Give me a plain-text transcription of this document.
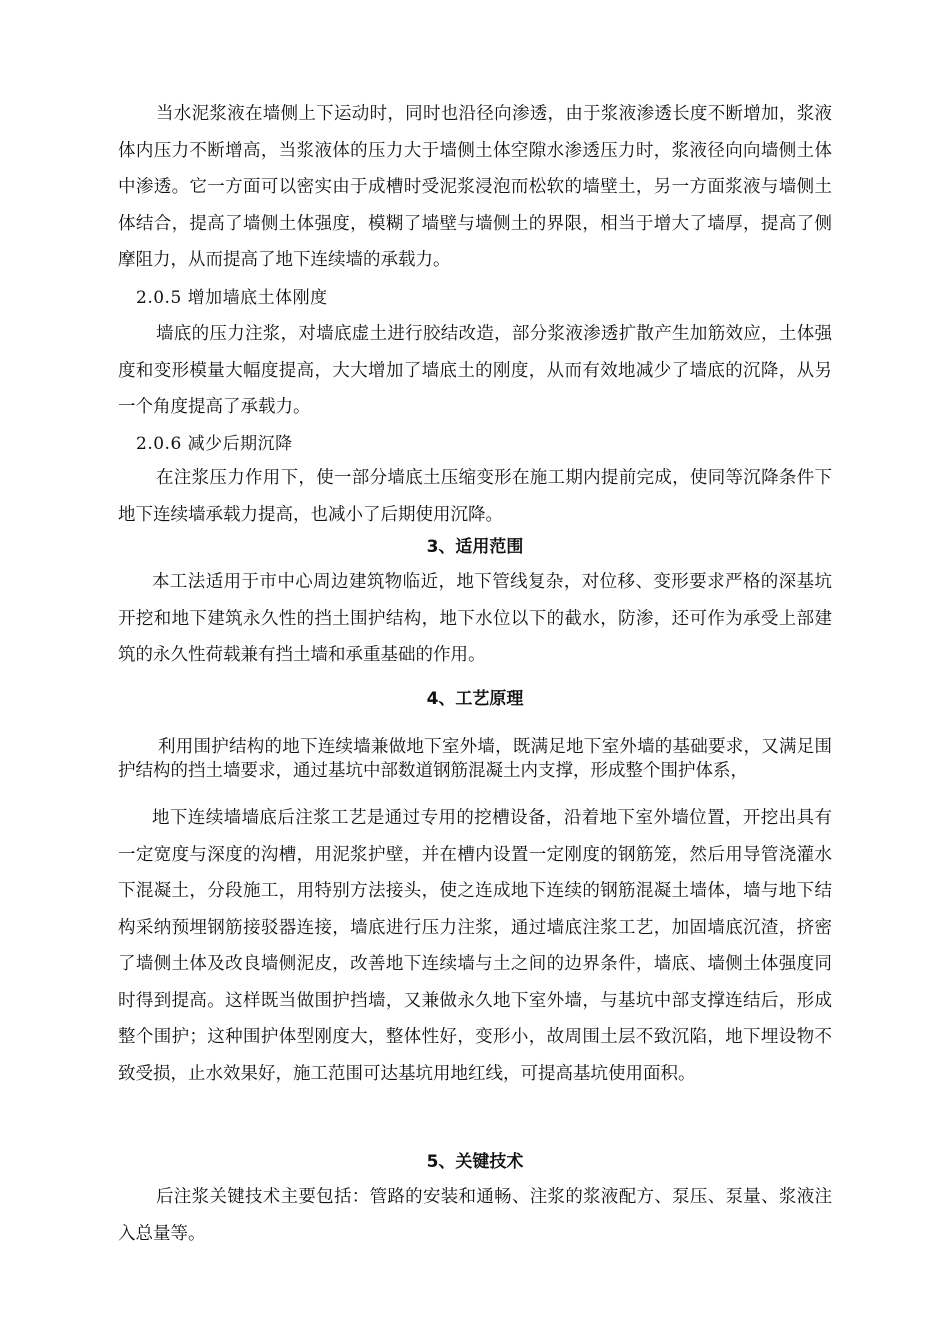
当水泥浆液在墙侧上下运动时，同时也沿径向渗透，由于浆液渗透长度不断增加，浆液体内压力不断增高，当浆液体的压力大于墙侧土体空隙水渗透压力时，浆液径向向墙侧土体中渗透。它一方面可以密实由于成槽时受泥浆浸泡而松软的墙壁土，另一方面浆液与墙侧土体结合，提高了墙侧土体强度，模糊了墙壁与墙侧土的界限，相当于增大了墙厚，提高了侧摩阻力，从而提高了地下连续墙的承载力。

2.0.5 增加墙底土体刚度

墙底的压力注浆，对墙底虚土进行胶结改造，部分浆液渗透扩散产生加筋效应，土体强度和变形模量大幅度提高，大大增加了墙底土的刚度，从而有效地减少了墙底的沉降，从另一个角度提高了承载力。

2.0.6 减少后期沉降

在注浆压力作用下，使一部分墙底土压缩变形在施工期内提前完成，使同等沉降条件下地下连续墙承载力提高，也减小了后期使用沉降。

3、适用范围

本工法适用于市中心周边建筑物临近，地下管线复杂，对位移、变形要求严格的深基坑开挖和地下建筑永久性的挡土围护结构，地下水位以下的截水，防渗，还可作为承受上部建筑的永久性荷载兼有挡土墙和承重基础的作用。

4、工艺原理

利用围护结构的地下连续墙兼做地下室外墙，既满足地下室外墙的基础要求，又满足围护结构的挡土墙要求，通过基坑中部数道钢筋混凝土内支撑，形成整个围护体系，

地下连续墙墙底后注浆工艺是通过专用的挖槽设备，沿着地下室外墙位置，开挖出具有一定宽度与深度的沟槽，用泥浆护壁，并在槽内设置一定刚度的钢筋笼，然后用导管浇灌水下混凝土，分段施工，用特别方法接头，使之连成地下连续的钢筋混凝土墙体，墙与地下结构采纳预埋钢筋接驳器连接，墙底进行压力注浆，通过墙底注浆工艺，加固墙底沉渣，挤密了墙侧土体及改良墙侧泥皮，改善地下连续墙与土之间的边界条件，墙底、墙侧土体强度同时得到提高。这样既当做围护挡墙，又兼做永久地下室外墙，与基坑中部支撑连结后，形成整个围护；这种围护体型刚度大，整体性好，变形小，故周围土层不致沉陷，地下埋设物不致受损，止水效果好，施工范围可达基坑用地红线，可提高基坑使用面积。

5、关键技术

后注浆关键技术主要包括：管路的安装和通畅、注浆的浆液配方、泵压、泵量、浆液注入总量等。
